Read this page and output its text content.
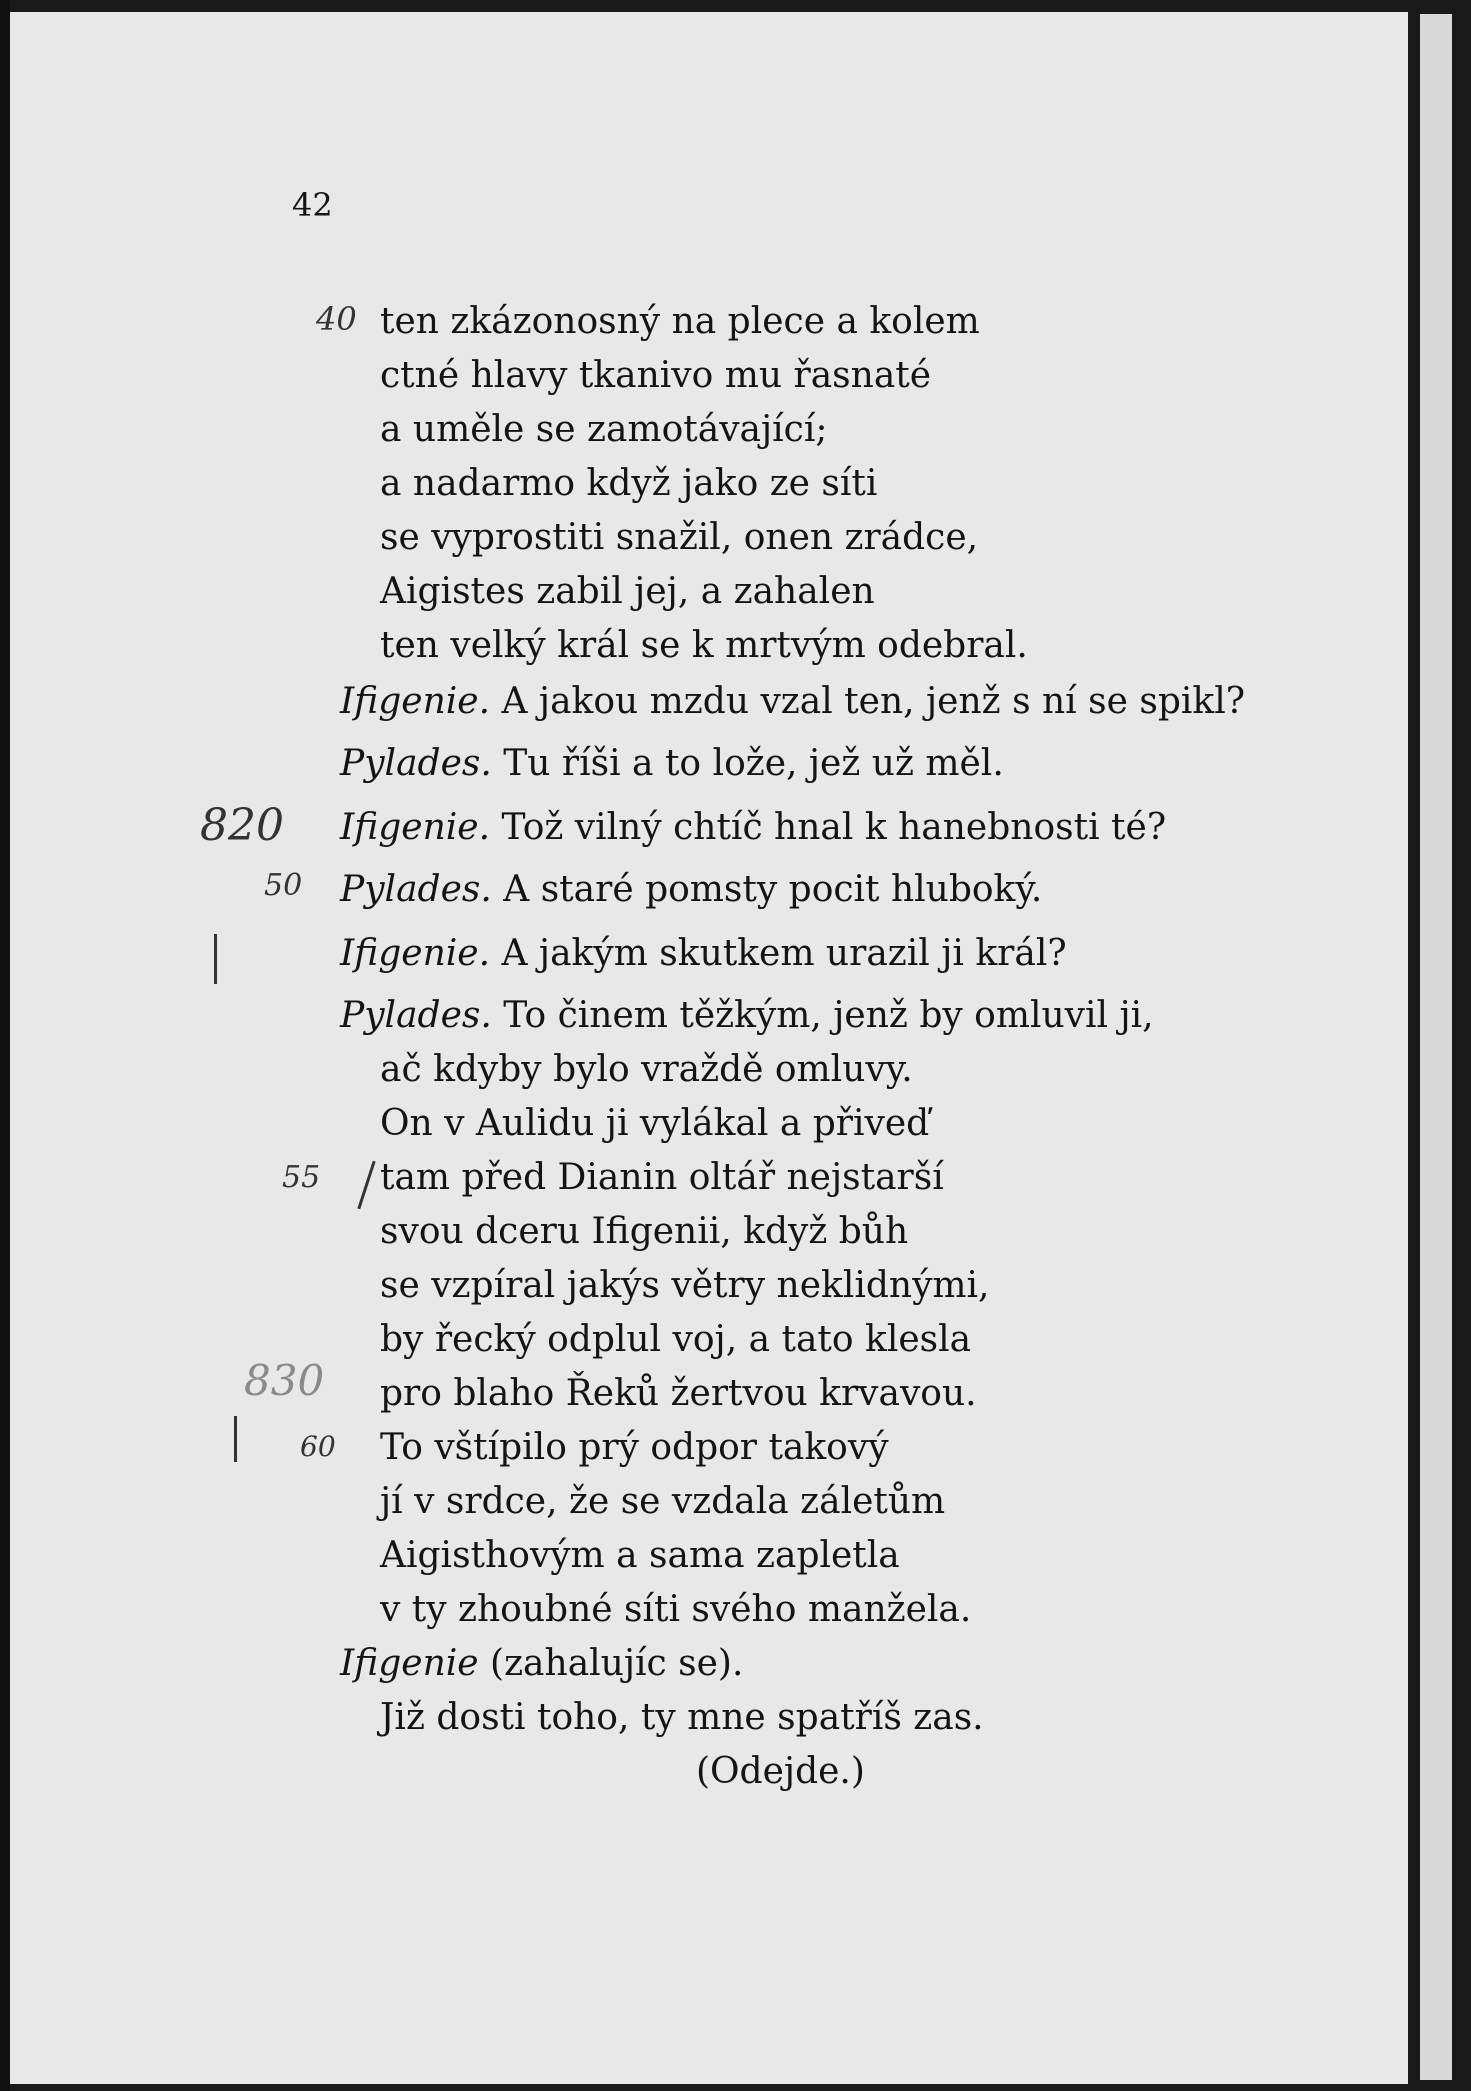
42
ten zkázonosný na plece a kolem
ctné hlavy tkanivo mu řasnaté
a uměle se zamotávající;
a nadarmo když jako ze síti
se vyprostiti snažil, onen zrádce,
Aigistes zabil jej, a zahalen
ten velký král se k mrtvým odebral.
Ifigenie. A jakou mzdu vzal ten, jenž s ní se spikl?
Pylades. Tu říši a to lože, jež už měl.
Ifigenie. Tož vilný chtíč hnal k hanebnosti té?
Pylades. A staré pomsty pocit hluboký.
Ifigenie. A jakým skutkem urazil ji král?
Pylades. To činem těžkým, jenž by omluvil ji,
ač kdyby bylo vraždě omluvy.
On v Aulidu ji vylákal a přiveď
tam před Dianin oltář nejstarší
svou dceru Ifigenii, když bůh
se vzpíral jakýs větry neklidnými,
by řecký odplul voj, a tato klesla
pro blaho Řeků žertvou krvavou.
To vštípilo prý odpor takový
jí v srdce, že se vzdala záletům
Aigisthovým a sama zapletla
v ty zhoubné síti svého manžela.
Ifigenie (zahalujíc se).
Již dosti toho, ty mne spatříš zas.
(Odejde.)
40
820
50
55
830
60
